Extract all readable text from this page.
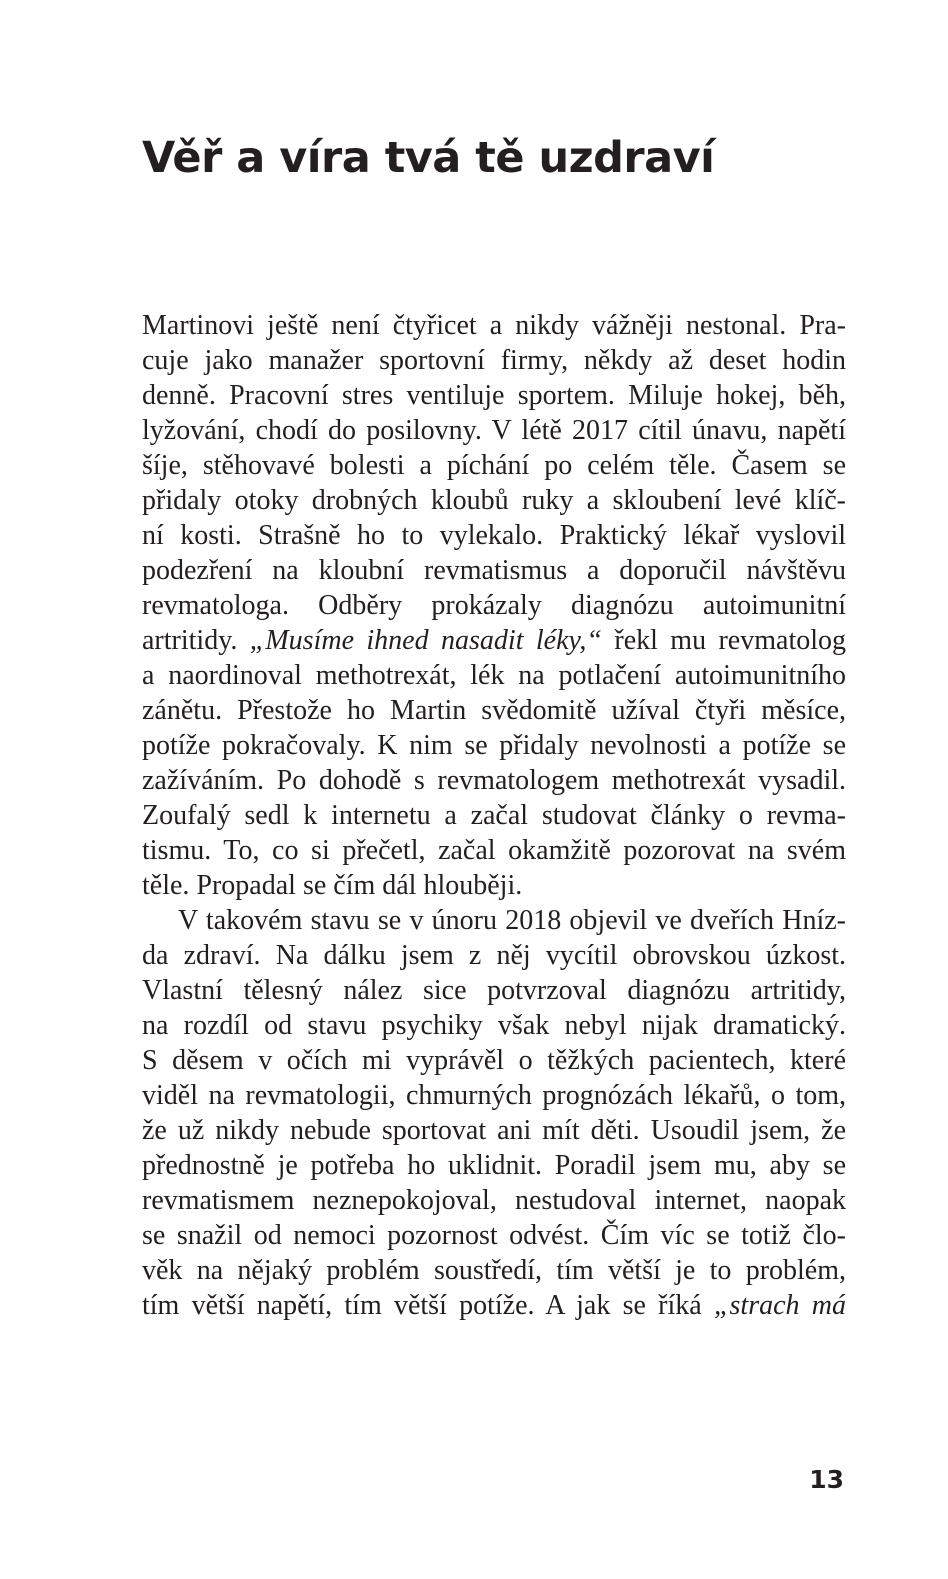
Věř a víra tvá tě uzdraví
Martinovi ještě není čtyřicet a nikdy vážněji nestonal. Pra-
cuje jako manažer sportovní firmy, někdy až deset hodin
denně. Pracovní stres ventiluje sportem. Miluje hokej, běh,
lyžování, chodí do posilovny. V létě 2017 cítil únavu, napětí
šíje, stěhovavé bolesti a píchání po celém těle. Časem se
přidaly otoky drobných kloubů ruky a skloubení levé klíč-
ní kosti. Strašně ho to vylekalo. Praktický lékař vyslovil
podezření na kloubní revmatismus a doporučil návštěvu
revmatologa. Odběry prokázaly diagnózu autoimunitní
artritidy. „Musíme ihned nasadit léky,“ řekl mu revmatolog
a naordinoval methotrexát, lék na potlačení autoimunitního
zánětu. Přestože ho Martin svědomitě užíval čtyři měsíce,
potíže pokračovaly. K nim se přidaly nevolnosti a potíže se
zažíváním. Po dohodě s revmatologem methotrexát vysadil.
Zoufalý sedl k internetu a začal studovat články o revma-
tismu. To, co si přečetl, začal okamžitě pozorovat na svém
těle. Propadal se čím dál hlouběji.
V takovém stavu se v únoru 2018 objevil ve dveřích Hníz-
da zdraví. Na dálku jsem z něj vycítil obrovskou úzkost.
Vlastní tělesný nález sice potvrzoval diagnózu artritidy,
na rozdíl od stavu psychiky však nebyl nijak dramatický.
S děsem v očích mi vyprávěl o těžkých pacientech, které
viděl na revmatologii, chmurných prognózách lékařů, o tom,
že už nikdy nebude sportovat ani mít děti. Usoudil jsem, že
přednostně je potřeba ho uklidnit. Poradil jsem mu, aby se
revmatismem neznepokojoval, nestudoval internet, naopak
se snažil od nemoci pozornost odvést. Čím víc se totiž člo-
věk na nějaký problém soustředí, tím větší je to problém,
tím větší napětí, tím větší potíže. A jak se říká „strach má
13
